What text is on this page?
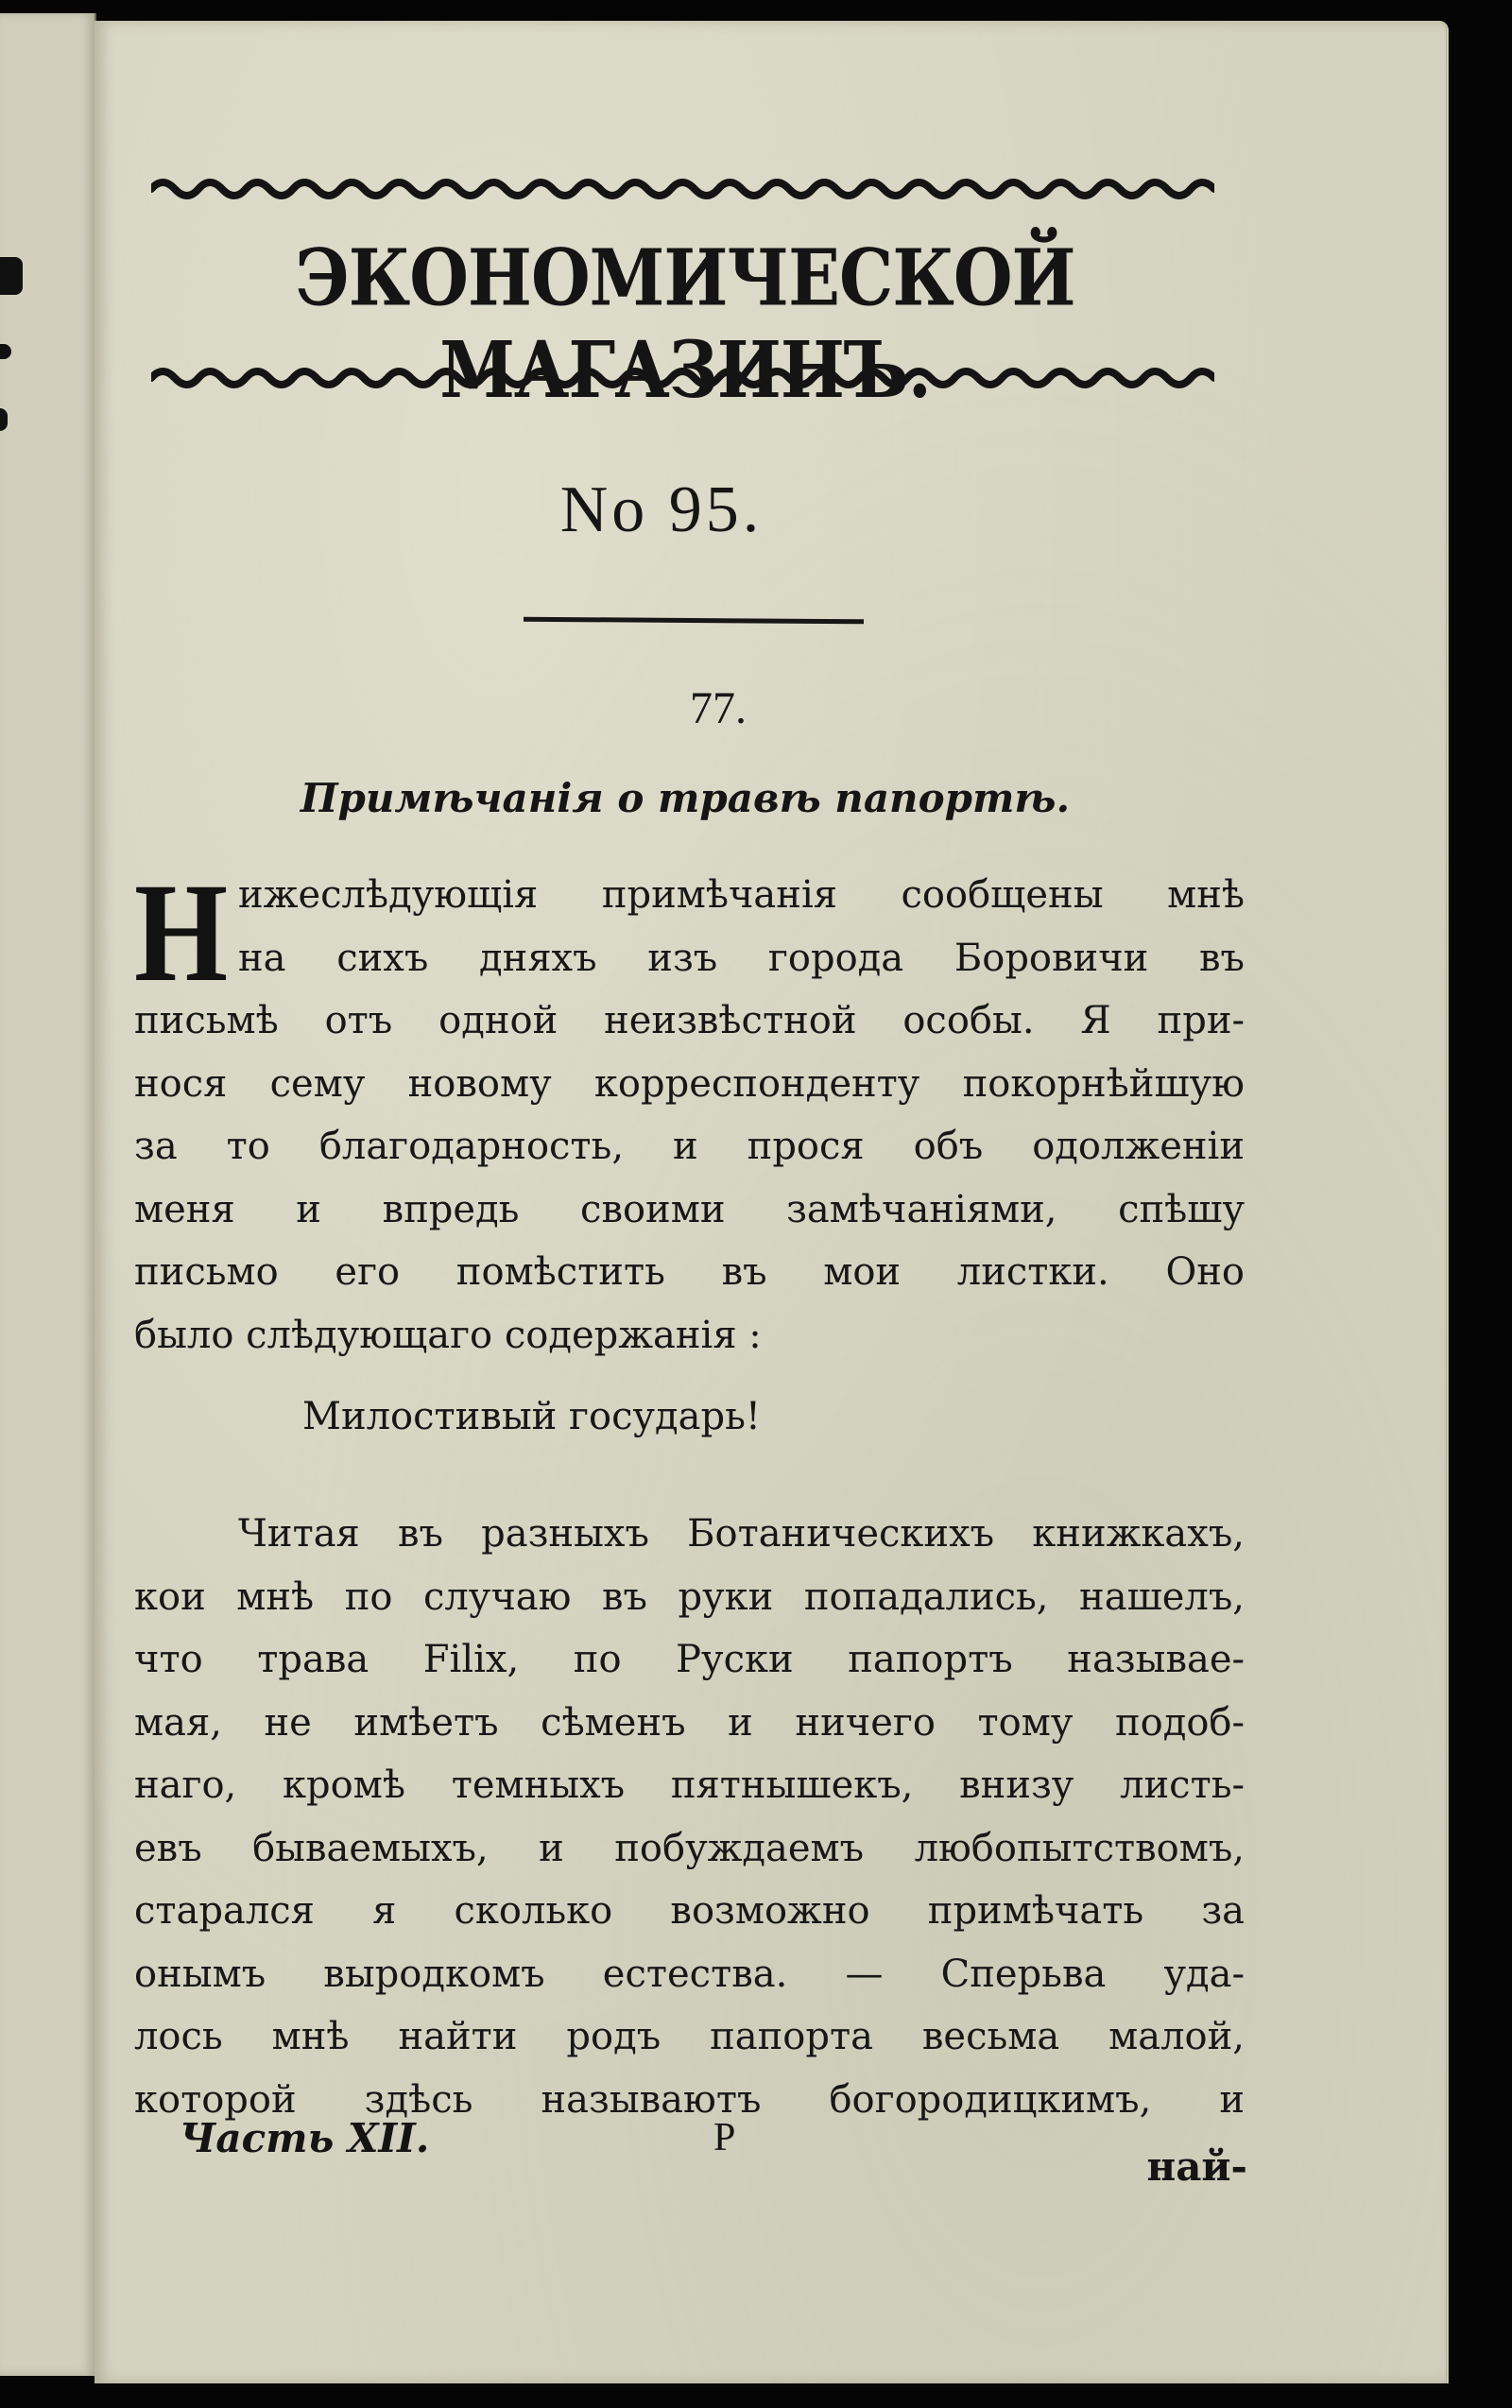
ЭКОНОМИЧЕСКОЙ МАГАЗИНЪ.
No 95.
77.
Примѣчанія о травѣ папортѣ.
Н ижеслѣдующія примѣчанія сообщены мнѣ
на сихъ дняхъ изъ города Боровичи въ
письмѣ отъ одной неизвѣстной особы. Я при-
нося сему новому корреспонденту покорнѣйшую
за то благодарность, и прося объ одолженіи
меня и впредь своими замѣчаніями, спѣшу
письмо его помѣстить въ мои листки. Оно
было слѣдующаго содержанія :
Милостивый государь!
Читая въ разныхъ Ботаническихъ книжкахъ,
кои мнѣ по случаю въ руки попадались, нашелъ,
что трава Filix, по Руски папортъ называе-
мая, не имѣетъ сѣменъ и ничего тому подоб-
наго, кромѣ темныхъ пятнышекъ, внизу листь-
евъ бываемыхъ, и побуждаемъ любопытствомъ,
старался я сколько возможно примѣчать за
онымъ выродкомъ естества. — Сперьва уда-
лось мнѣ найти родъ папорта весьма малой,
которой здѣсь называютъ богородицкимъ, и
Часть XII.	P
най-
